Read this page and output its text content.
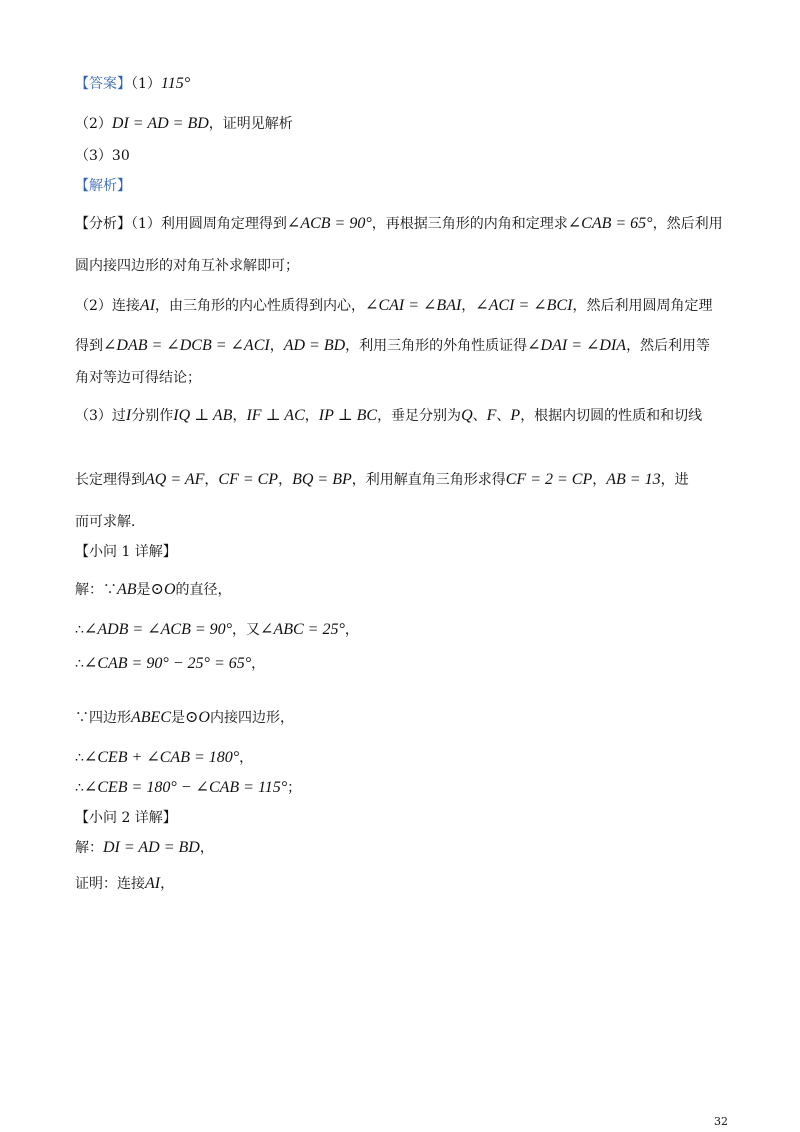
【答案】（1）115°
（2）DI = AD = BD，证明见解析
（3）30
【解析】
【分析】（1）利用圆周角定理得到∠ACB = 90°，再根据三角形的内角和定理求∠CAB = 65°，然后利用
圆内接四边形的对角互补求解即可；
（2）连接AI，由三角形的内心性质得到内心，∠CAI = ∠BAI，∠ACI = ∠BCI，然后利用圆周角定理
得到∠DAB = ∠DCB = ∠ACI，AD = BD，利用三角形的外角性质证得∠DAI = ∠DIA，然后利用等
角对等边可得结论；
（3）过I分别作IQ ⊥ AB，IF ⊥ AC，IP ⊥ BC，垂足分别为Q、F、P，根据内切圆的性质和和切线
长定理得到AQ = AF，CF = CP，BQ = BP，利用解直角三角形求得CF = 2 = CP，AB = 13，进
而可求解．
【小问 1 详解】
解：∵AB是⊙O的直径，
∴∠ADB = ∠ACB = 90°，又∠ABC = 25°，
∴∠CAB = 90° − 25° = 65°，
∵四边形ABEC是⊙O内接四边形，
∴∠CEB + ∠CAB = 180°，
∴∠CEB = 180° − ∠CAB = 115°；
【小问 2 详解】
解：DI = AD = BD，
证明：连接AI，
32
